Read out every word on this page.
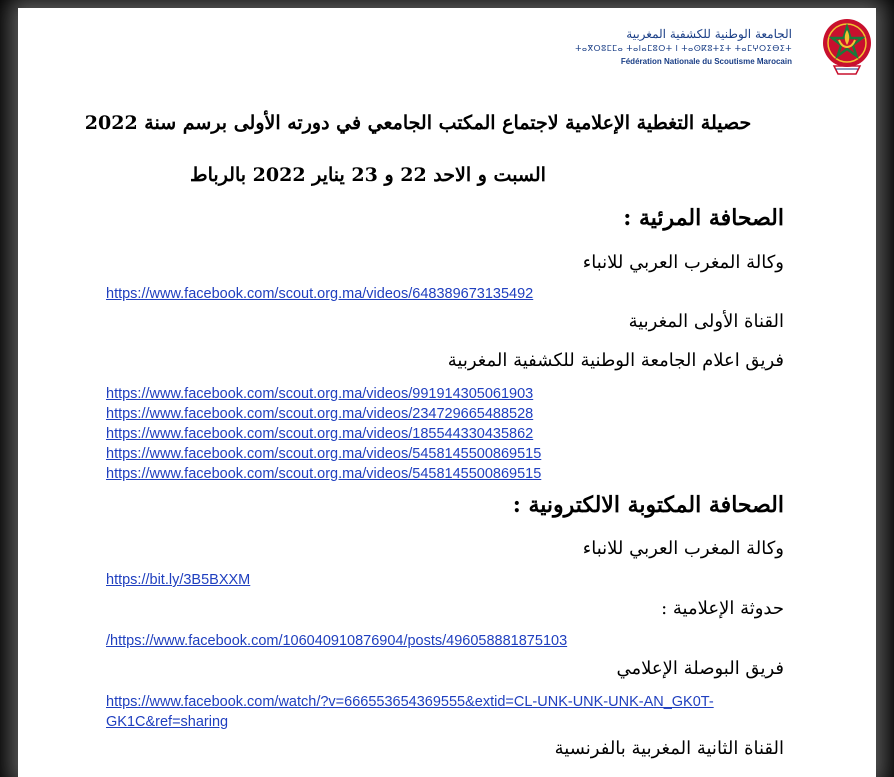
الجامعة الوطنية للكشفية المغربية
ⵜⴰⴳⵔⵓⵎⵎⴰ ⵜⴰⵏⴰⵎⵓⵔⵜ ⵏ ⵜⴰⵙⴽⵓⵜⵉⵜ ⵜⴰⵎⵖⵔⵉⴱⵉⵜ
Fédération Nationale du Scoutisme Marocain
حصيلة التغطية الإعلامية لاجتماع المكتب الجامعي في دورته الأولى برسم سنة 2022
السبت و الاحد 22 و 23 يناير 2022 بالرباط
الصحافة المرئية :
وكالة المغرب العربي للانباء
https://www.facebook.com/scout.org.ma/videos/648389673135492
القناة الأولى المغربية
فريق اعلام الجامعة الوطنية للكشفية المغربية
https://www.facebook.com/scout.org.ma/videos/991914305061903
https://www.facebook.com/scout.org.ma/videos/234729665488528
https://www.facebook.com/scout.org.ma/videos/185544330435862
https://www.facebook.com/scout.org.ma/videos/5458145500869515
https://www.facebook.com/scout.org.ma/videos/5458145500869515
الصحافة المكتوبة الالكترونية :
وكالة المغرب العربي للانباء
https://bit.ly/3B5BXXM
حدوثة الإعلامية :
/https://www.facebook.com/106040910876904/posts/496058881875103
فريق البوصلة الإعلامي
https://www.facebook.com/watch/?v=666553654369555&extid=CL-UNK-UNK-UNK-AN_GK0T-
GK1C&ref=sharing
القناة الثانية المغربية بالفرنسية
